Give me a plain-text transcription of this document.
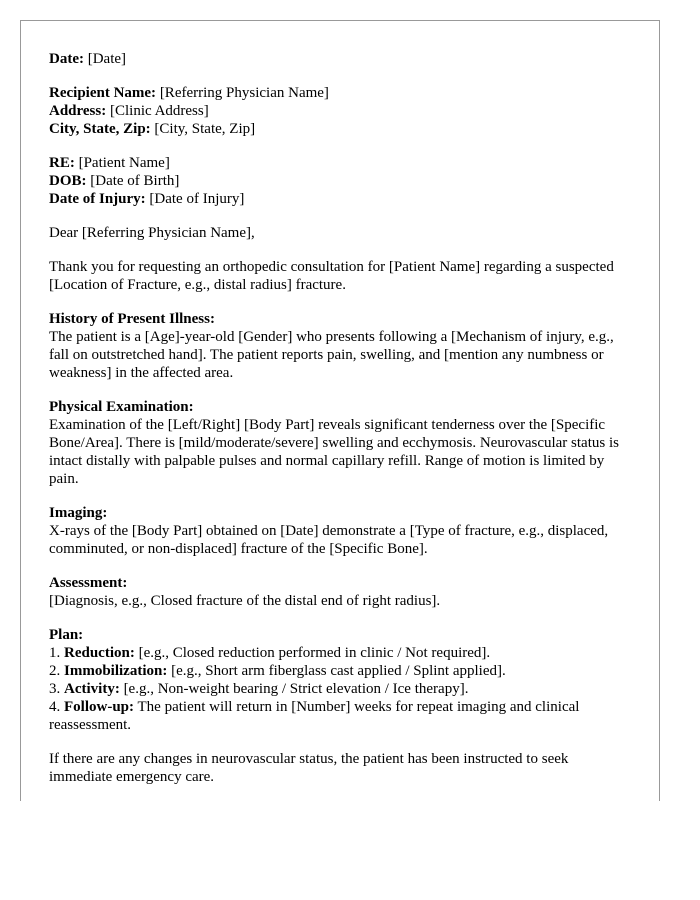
Date: [Date]

Recipient Name: [Referring Physician Name]

Address: [Clinic Address]

City, State, Zip: [City, State, Zip]

RE: [Patient Name]

DOB: [Date of Birth]

Date of Injury: [Date of Injury]

Dear [Referring Physician Name],

Thank you for requesting an orthopedic consultation for [Patient Name] regarding a suspected [Location of Fracture, e.g., distal radius] fracture.

History of Present Illness:

The patient is a [Age]-year-old [Gender] who presents following a [Mechanism of injury, e.g., fall on outstretched hand]. The patient reports pain, swelling, and [mention any numbness or weakness] in the affected area.

Physical Examination:

Examination of the [Left/Right] [Body Part] reveals significant tenderness over the [Specific Bone/Area]. There is [mild/moderate/severe] swelling and ecchymosis. Neurovascular status is intact distally with palpable pulses and normal capillary refill. Range of motion is limited by pain.

Imaging:

X-rays of the [Body Part] obtained on [Date] demonstrate a [Type of fracture, e.g., displaced, comminuted, or non-displaced] fracture of the [Specific Bone].

Assessment:

[Diagnosis, e.g., Closed fracture of the distal end of right radius].

Plan:

1. Reduction: [e.g., Closed reduction performed in clinic / Not required].

2. Immobilization: [e.g., Short arm fiberglass cast applied / Splint applied].

3. Activity: [e.g., Non-weight bearing / Strict elevation / Ice therapy].

4. Follow-up: The patient will return in [Number] weeks for repeat imaging and clinical reassessment.

If there are any changes in neurovascular status, the patient has been instructed to seek immediate emergency care.
